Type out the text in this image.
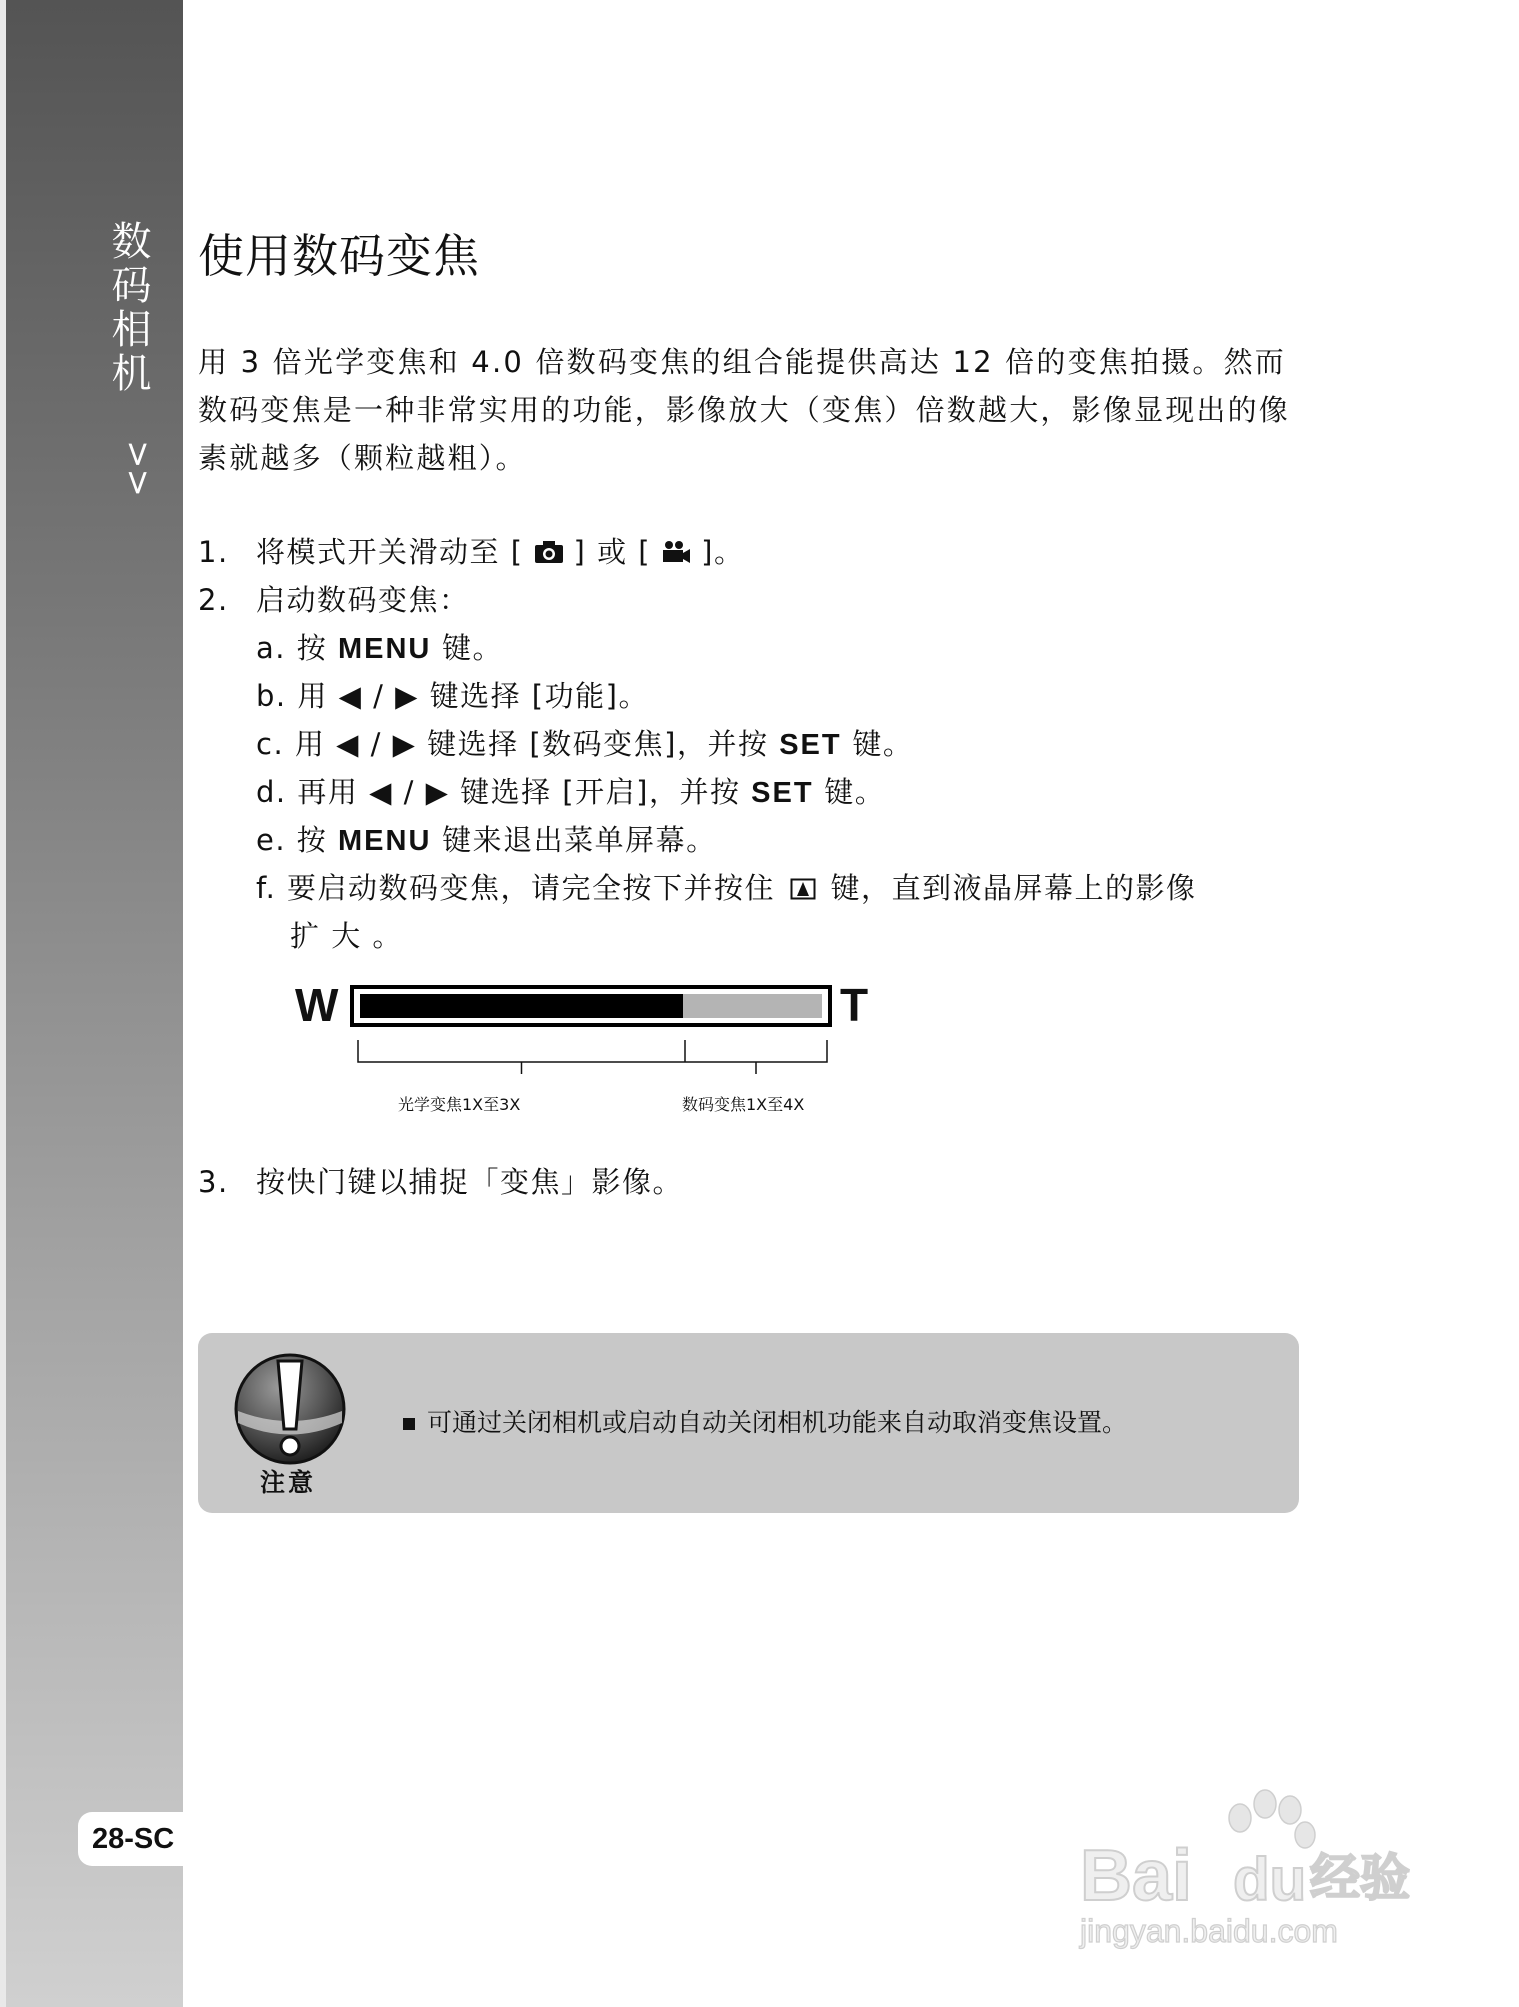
数码相机
>>
28-SC
使用数码变焦

用 3 倍光学变焦和 4.0 倍数码变焦的组合能提供高达 12 倍的变焦拍摄。然而数码变焦是一种非常实用的功能，影像放大（变焦）倍数越大，影像显现出的像素就越多（颗粒越粗）。

1. 将模式开关滑动至 [ ] 或 [ ]。
2. 启动数码变焦：
a. 按 MENU 键。
b. 用 ◀ / ▶ 键选择 [功能]。
c. 用 ◀ / ▶ 键选择 [数码变焦]，并按 SET 键。
d. 再用 ◀ / ▶ 键选择 [开启]，并按 SET 键。
e. 按 MENU 键来退出菜单屏幕。
f. 要启动数码变焦，请完全按下并按住  键，直到液晶屏幕上的影像
扩 大 。
W	T
光学变焦1X至3X	数码变焦1X至4X
3. 按快门键以捕捉「变焦」影像。
注意
可通过关闭相机或启动自动关闭相机功能来自动取消变焦设置。
Bai du 经验
jingyan.baidu.com
